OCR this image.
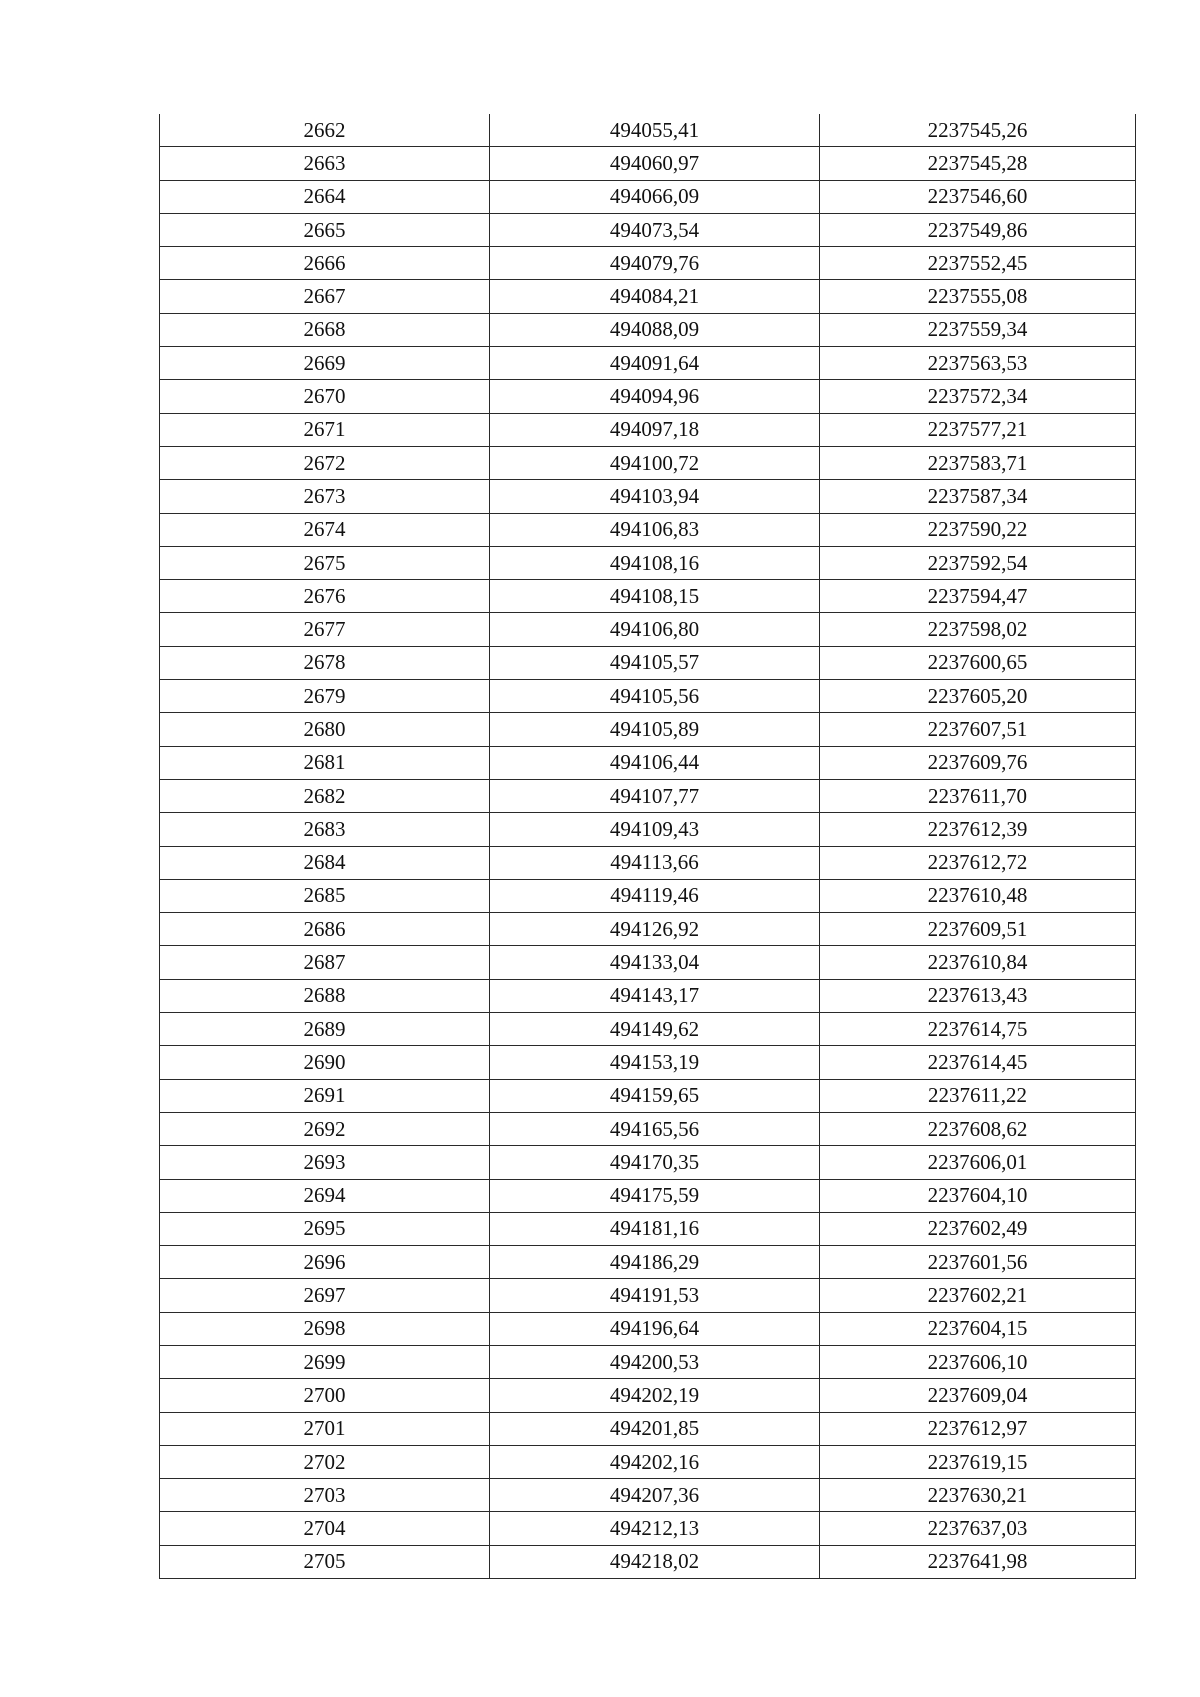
2662	494055,41	2237545,26
2663	494060,97	2237545,28
2664	494066,09	2237546,60
2665	494073,54	2237549,86
2666	494079,76	2237552,45
2667	494084,21	2237555,08
2668	494088,09	2237559,34
2669	494091,64	2237563,53
2670	494094,96	2237572,34
2671	494097,18	2237577,21
2672	494100,72	2237583,71
2673	494103,94	2237587,34
2674	494106,83	2237590,22
2675	494108,16	2237592,54
2676	494108,15	2237594,47
2677	494106,80	2237598,02
2678	494105,57	2237600,65
2679	494105,56	2237605,20
2680	494105,89	2237607,51
2681	494106,44	2237609,76
2682	494107,77	2237611,70
2683	494109,43	2237612,39
2684	494113,66	2237612,72
2685	494119,46	2237610,48
2686	494126,92	2237609,51
2687	494133,04	2237610,84
2688	494143,17	2237613,43
2689	494149,62	2237614,75
2690	494153,19	2237614,45
2691	494159,65	2237611,22
2692	494165,56	2237608,62
2693	494170,35	2237606,01
2694	494175,59	2237604,10
2695	494181,16	2237602,49
2696	494186,29	2237601,56
2697	494191,53	2237602,21
2698	494196,64	2237604,15
2699	494200,53	2237606,10
2700	494202,19	2237609,04
2701	494201,85	2237612,97
2702	494202,16	2237619,15
2703	494207,36	2237630,21
2704	494212,13	2237637,03
2705	494218,02	2237641,98
